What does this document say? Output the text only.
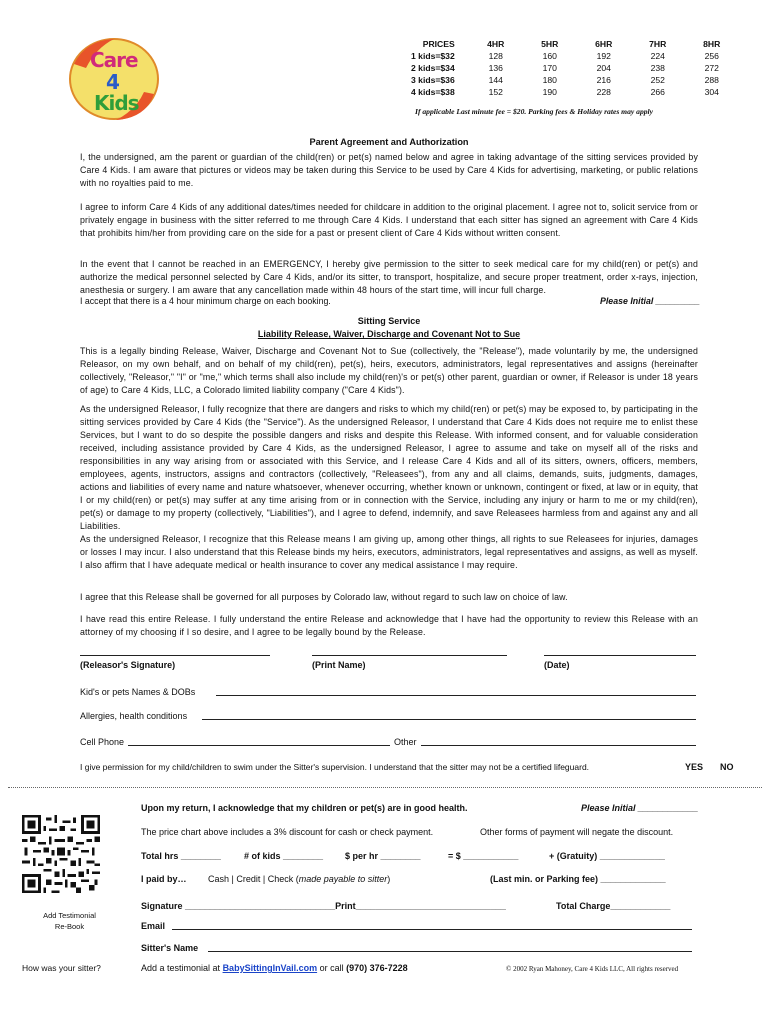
Care
4
Kids
PRICES	4HR	5HR	6HR	7HR	8HR
1 kids=$32	128	160	192	224	256
2 kids=$34	136	170	204	238	272
3 kids=$36	144	180	216	252	288
4 kids=$38	152	190	228	266	304
If applicable Last minute fee = $20. Parking fees & Holiday rates may apply
Parent Agreement and Authorization

I, the undersigned, am the parent or guardian of the child(ren) or pet(s) named below and agree in taking advantage of the sitting services provided by Care 4 Kids. I am aware that pictures or videos may be taken during this Service to be used by Care 4 Kids for advertising, marketing, or public relations with no royalties paid to me.

I agree to inform Care 4 Kids of any additional dates/times needed for childcare in addition to the original placement. I agree not to, solicit service from or privately engage in business with the sitter referred to me through Care 4 Kids. I understand that each sitter has signed an agreement with Care 4 Kids that prohibits him/her from providing care on the side for a past or present client of Care 4 Kids without written consent.

In the event that I cannot be reached in an EMERGENCY, I hereby give permission to the sitter to seek medical care for my child(ren) or pet(s) and authorize the medical personnel selected by Care 4 Kids, and/or its sitter, to transport, hospitalize, and secure proper treatment, order x-rays, injection, anesthesia or surgery. I am aware that any cancellation made within 48 hours of the start time, will incur full charge.

I accept that there is a 4 hour minimum charge on each booking.	Please Initial _________
Sitting Service
Liability Release, Waiver, Discharge and Covenant Not to Sue

This is a legally binding Release, Waiver, Discharge and Covenant Not to Sue (collectively, the "Release"), made voluntarily by me, the undersigned Releasor, on my own behalf, and on behalf of my child(ren), pet(s), heirs, executors, administrators, legal representatives and assigns (hereinafter collectively, "Releasor," "I" or "me," which terms shall also include my child(ren)'s or pet(s) other parent, guardian or owner, if Releasor is under 18 years of age) to Care 4 Kids, LLC, a Colorado limited liability company ("Care 4 Kids").

As the undersigned Releasor, I fully recognize that there are dangers and risks to which my child(ren) or pet(s) may be exposed to, by participating in the sitting services provided by Care 4 Kids (the "Service"). As the undersigned Releasor, I understand that Care 4 Kids does not require me to enlist these Services, but I want to do so despite the possible dangers and risks and despite this Release. With informed consent, and for valuable consideration received, including assistance provided by Care 4 Kids, as the undersigned Releasor, I agree to assume and take on myself all of the risks and responsibilities in any way arising from or associated with this Service, and I release Care 4 Kids and all of its sitters, owners, officers, members, employees, agents, instructors, assigns and contractors (collectively, "Releasees"), from any and all claims, demands, suits, judgments, damages, actions and liabilities of every name and nature whatsoever, whenever occurring, whether known or unknown, contingent or fixed, at law or in equity, that I or my child(ren) or pet(s) may suffer at any time arising from or in connection with the Service, including any injury or harm to me or my child(ren), pet(s) or damage to my property (collectively, "Liabilities"), and I agree to defend, indemnify, and save Releasees harmless from and against any and all Liabilities.

As the undersigned Releasor, I recognize that this Release means I am giving up, among other things, all rights to sue Releasees for injuries, damages or losses I may incur. I also understand that this Release binds my heirs, executors, administrators, legal representatives and assigns, as well as myself. I also affirm that I have adequate medical or health insurance to cover any medical assistance I may require.

I agree that this Release shall be governed for all purposes by Colorado law, without regard to such law on choice of law.

I have read this entire Release. I fully understand the entire Release and acknowledge that I have had the opportunity to review this Release with an attorney of my choosing if I so desire, and I agree to be legally bound by the Release.

(Releasor's Signature)	(Print Name)	(Date)
Kid's or pets Names & DOBs
Allergies, health conditions
Cell Phone	Other
I give permission for my child/children to swim under the Sitter's supervision. I understand that the sitter may not be a certified lifeguard.	YES NO
Add Testimonial
Re-Book
How was your sitter?
Upon my return, I acknowledge that my children or pet(s) are in good health.	Please Initial ____________
The price chart above includes a 3% discount for cash or check payment.	Other forms of payment will negate the discount.
Total hrs ________	# of kids ________ $ per hr ________	= $ ___________	+ (Gratuity) _____________
I paid by… Cash | Credit | Check (made payable to sitter)	(Last min. or Parking fee) _____________
Signature ______________________________Print______________________________	Total Charge____________
Email
Sitter's Name
Add a testimonial at BabySittingInVail.com or call (970) 376-7228	© 2002 Ryan Mahoney, Care 4 Kids LLC, All rights reserved
